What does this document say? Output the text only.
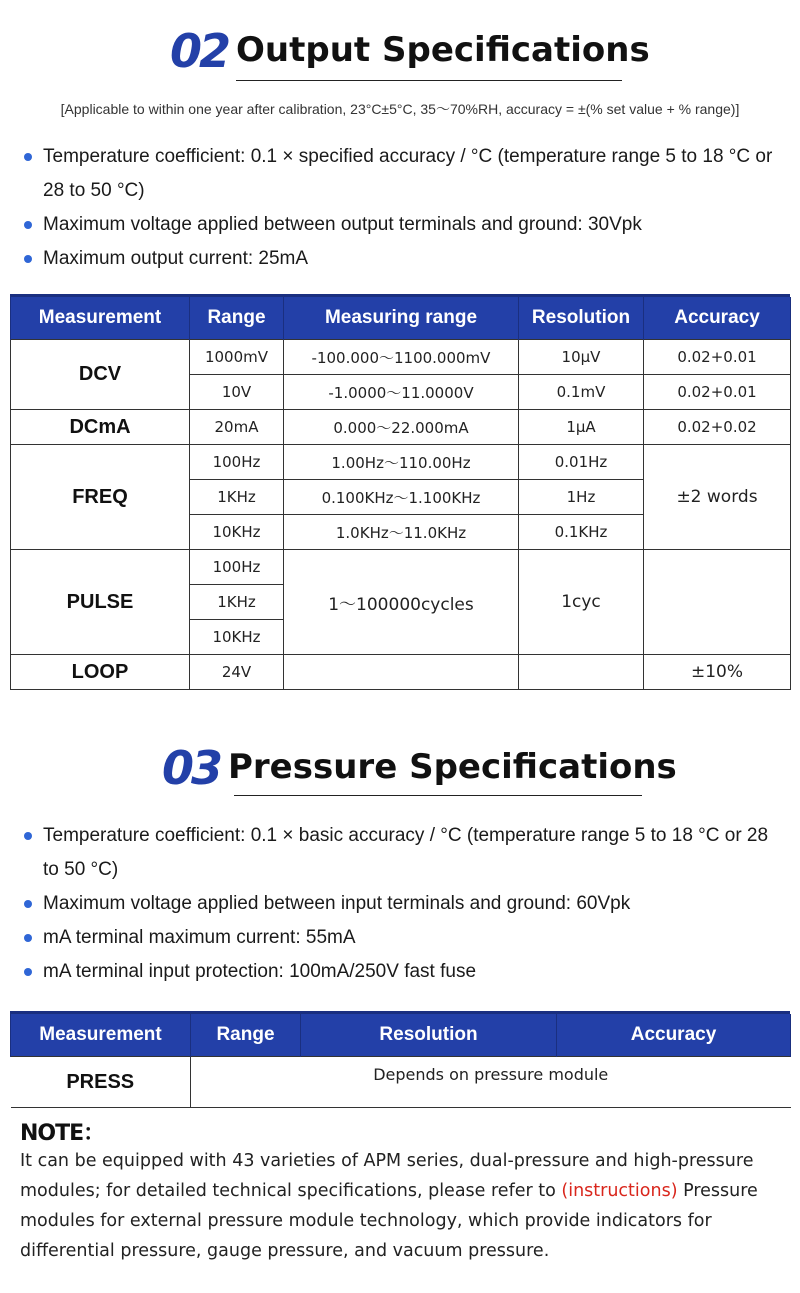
02 Output Specifications
[Applicable to within one year after calibration, 23°C±5°C, 35～70%RH, accuracy = ±(% set value + % range)]
Temperature coefficient: 0.1 × specified accuracy / °C (temperature range 5 to 18 °C or 28 to 50 °C)
Maximum voltage applied between output terminals and ground: 30Vpk
Maximum output current: 25mA
Measurement	Range	Measuring range	Resolution	Accuracy
DCV	1000mV	-100.000～1100.000mV	10μV	0.02+0.01
	10V	-1.0000～11.0000V	0.1mV	0.02+0.01
DCmA	20mA	0.000～22.000mA	1μA	0.02+0.02
FREQ	100Hz	1.00Hz～110.00Hz	0.01Hz	±2 words
	1KHz	0.100KHz～1.100KHz	1Hz	
	10KHz	1.0KHz～11.0KHz	0.1KHz	
PULSE	100Hz	1～100000cycles	1cyc	
	1KHz			
	10KHz			
LOOP	24V			±10%
03 Pressure Specifications
Temperature coefficient: 0.1 × basic accuracy / °C (temperature range 5 to 18 °C or 28 to 50 °C)
Maximum voltage applied between input terminals and ground: 60Vpk
mA terminal maximum current: 55mA
mA terminal input protection: 100mA/250V fast fuse
Measurement	Range	Resolution	Accuracy
PRESS	Depends on pressure module		
NOTE：
It can be equipped with 43 varieties of APM series, dual-pressure and high-pressure modules; for detailed technical specifications, please refer to (instructions) Pressure modules for external pressure module technology, which provide indicators for differential pressure, gauge pressure, and vacuum pressure.
